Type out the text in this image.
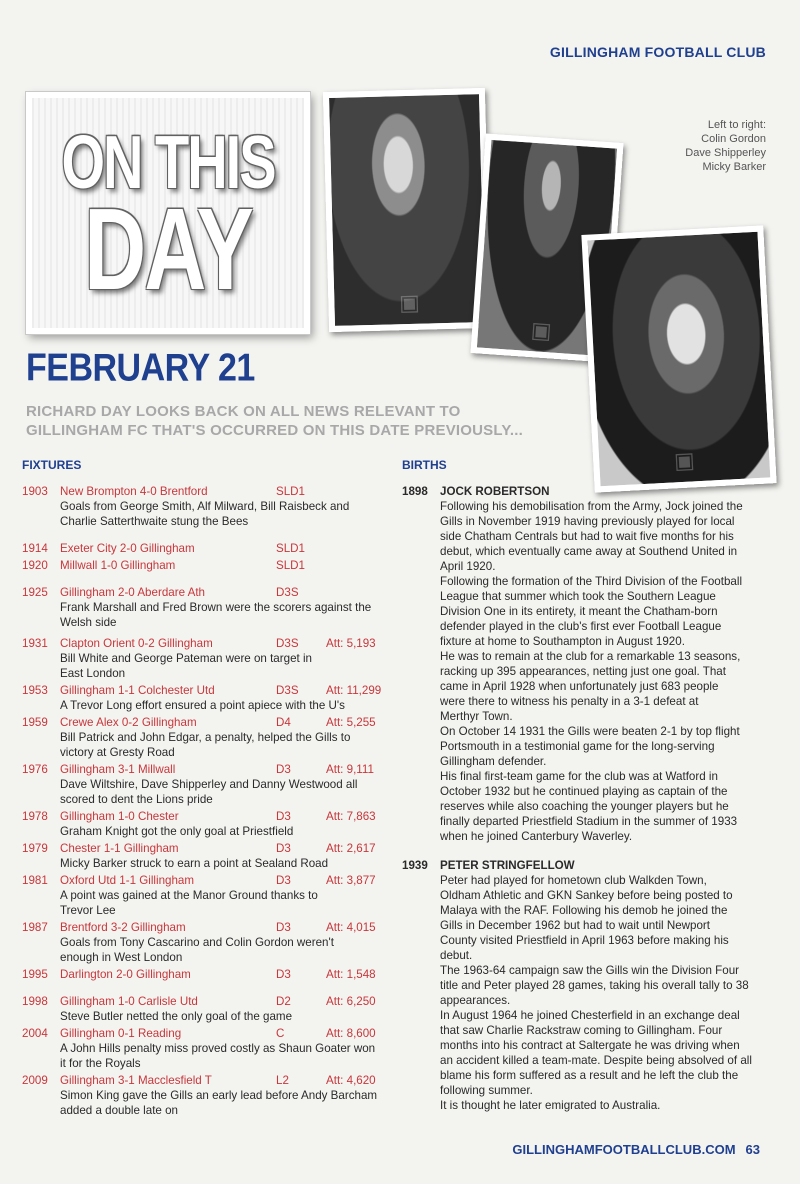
GILLINGHAM FOOTBALL CLUB
ON THIS
DAY	▣
▣
▣
Left to right:
Colin Gordon
Dave Shipperley
Micky Barker
FEBRUARY 21
RICHARD DAY LOOKS BACK ON ALL NEWS RELEVANT TO
GILLINGHAM FC THAT'S OCCURRED ON THIS DATE PREVIOUSLY...
FIXTURES	BIRTHS
1903 New Brompton 4-0 Brentford	SLD1
Goals from George Smith, Alf Milward, Bill Raisbeck and
Charlie Satterthwaite stung the Bees
1914 Exeter City 2-0 Gillingham	SLD1
1920 Millwall 1-0 Gillingham	SLD1
1925 Gillingham 2-0 Aberdare Ath	D3S
Frank Marshall and Fred Brown were the scorers against the
Welsh side
1931 Clapton Orient 0-2 Gillingham	D3S Att: 5,193
Bill White and George Pateman were on target in
East London
1953 Gillingham 1-1 Colchester Utd	D3S Att: 11,299
A Trevor Long effort ensured a point apiece with the U's
1959 Crewe Alex 0-2 Gillingham	D4	Att: 5,255
Bill Patrick and John Edgar, a penalty, helped the Gills to
victory at Gresty Road
1976 Gillingham 3-1 Millwall	D3	Att: 9,111
Dave Wiltshire, Dave Shipperley and Danny Westwood all
scored to dent the Lions pride
1978 Gillingham 1-0 Chester	D3	Att: 7,863
Graham Knight got the only goal at Priestfield
1979 Chester 1-1 Gillingham	D3	Att: 2,617
Micky Barker struck to earn a point at Sealand Road
1981 Oxford Utd 1-1 Gillingham	D3	Att: 3,877
A point was gained at the Manor Ground thanks to
Trevor Lee
1987 Brentford 3-2 Gillingham	D3	Att: 4,015
Goals from Tony Cascarino and Colin Gordon weren't
enough in West London
1995 Darlington 2-0 Gillingham	D3	Att: 1,548
1998 Gillingham 1-0 Carlisle Utd	D2	Att: 6,250
Steve Butler netted the only goal of the game
2004 Gillingham 0-1 Reading	C	Att: 8,600
A John Hills penalty miss proved costly as Shaun Goater won
it for the Royals
2009 Gillingham 3-1 Macclesfield T	L2	Att: 4,620
Simon King gave the Gills an early lead before Andy Barcham
added a double late on
1898 JOCK ROBERTSON
Following his demobilisation from the Army, Jock joined the
Gills in November 1919 having previously played for local
side Chatham Centrals but had to wait five months for his
debut, which eventually came away at Southend United in
April 1920.
Following the formation of the Third Division of the Football
League that summer which took the Southern League
Division One in its entirety, it meant the Chatham-born
defender played in the club's first ever Football League
fixture at home to Southampton in August 1920.
He was to remain at the club for a remarkable 13 seasons,
racking up 395 appearances, netting just one goal. That
came in April 1928 when unfortunately just 683 people
were there to witness his penalty in a 3-1 defeat at
Merthyr Town.
On October 14 1931 the Gills were beaten 2-1 by top flight
Portsmouth in a testimonial game for the long-serving
Gillingham defender.
His final first-team game for the club was at Watford in
October 1932 but he continued playing as captain of the
reserves while also coaching the younger players but he
finally departed Priestfield Stadium in the summer of 1933
when he joined Canterbury Waverley.
1939 PETER STRINGFELLOW
Peter had played for hometown club Walkden Town,
Oldham Athletic and GKN Sankey before being posted to
Malaya with the RAF. Following his demob he joined the
Gills in December 1962 but had to wait until Newport
County visited Priestfield in April 1963 before making his
debut.
The 1963-64 campaign saw the Gills win the Division Four
title and Peter played 28 games, taking his overall tally to 38
appearances.
In August 1964 he joined Chesterfield in an exchange deal
that saw Charlie Rackstraw coming to Gillingham. Four
months into his contract at Saltergate he was driving when
an accident killed a team-mate. Despite being absolved of all
blame his form suffered as a result and he left the club the
following summer.
It is thought he later emigrated to Australia.
GILLINGHAMFOOTBALLCLUB.COM 63
